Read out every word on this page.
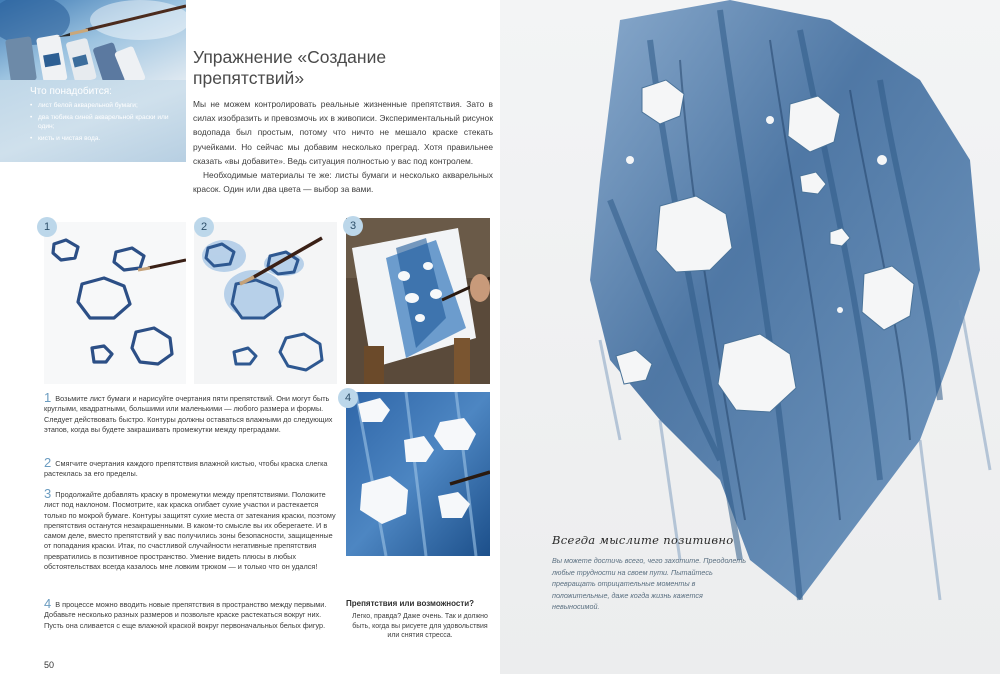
Что понадобится:
• лист белой акварельной бумаги;
• два тюбика синей акварельной краски или один;
• кисть и чистая вода.
Упражнение «Создание
препятствий»

Мы не можем контролировать реальные жизненные препятствия. Зато в силах изобразить и превозмочь их в живописи. Экспериментальный рисунок водопада был простым, потому что ничто не мешало краске стекать ручейками. Но сейчас мы добавим несколько преград. Хотя правильнее сказать «вы добавите». Ведь ситуация полностью у вас под контролем.

Необходимые материалы те же: листы бумаги и несколько акварельных красок. Один или два цвета — выбор за вами.

1	2	3
4
1 Возьмите лист бумаги и нарисуйте очертания пяти препятствий. Они могут быть круглыми, квадратными, большими или маленькими — любого размера и формы. Следует действовать быстро. Контуры должны оставаться влажными до следующих этапов, когда вы будете закрашивать промежутки между преградами.
2 Смягчите очертания каждого препятствия влажной кистью, чтобы краска слегка растеклась за его пределы.
3 Продолжайте добавлять краску в промежутки между препятствиями. Положите лист под наклоном. Посмотрите, как краска огибает сухие участки и растекается только по мокрой бумаге. Контуры защитят сухие места от затекания краски, поэтому препятствия останутся незакрашенными. В каком-то смысле вы их оберегаете. И в самом деле, вместо препятствий у вас получились зоны безопасности, защищенные от попадания краски. Итак, по счастливой случайности негативные препятствия превратились в позитивное пространство. Умение видеть плюсы в любых обстоятельствах всегда казалось мне ловким трюком — и только что он удался!
4 В процессе можно вводить новые препятствия в пространство между первыми. Добавьте несколько разных размеров и позвольте краске растекаться вокруг них. Пусть она сливается с еще влажной краской вокруг первоначальных белых фигур.
Препятствия или возможности?
Легко, правда? Даже очень. Так и должно быть, когда вы рисуете для удовольствия или снятия стресса.
50
Всегда мыслите позитивно
Вы можете достичь всего, чего захотите. Преодолеть любые трудности на своем пути. Пытайтесь превращать отрицательные моменты в положительные, даже когда жизнь кажется невыносимой.
